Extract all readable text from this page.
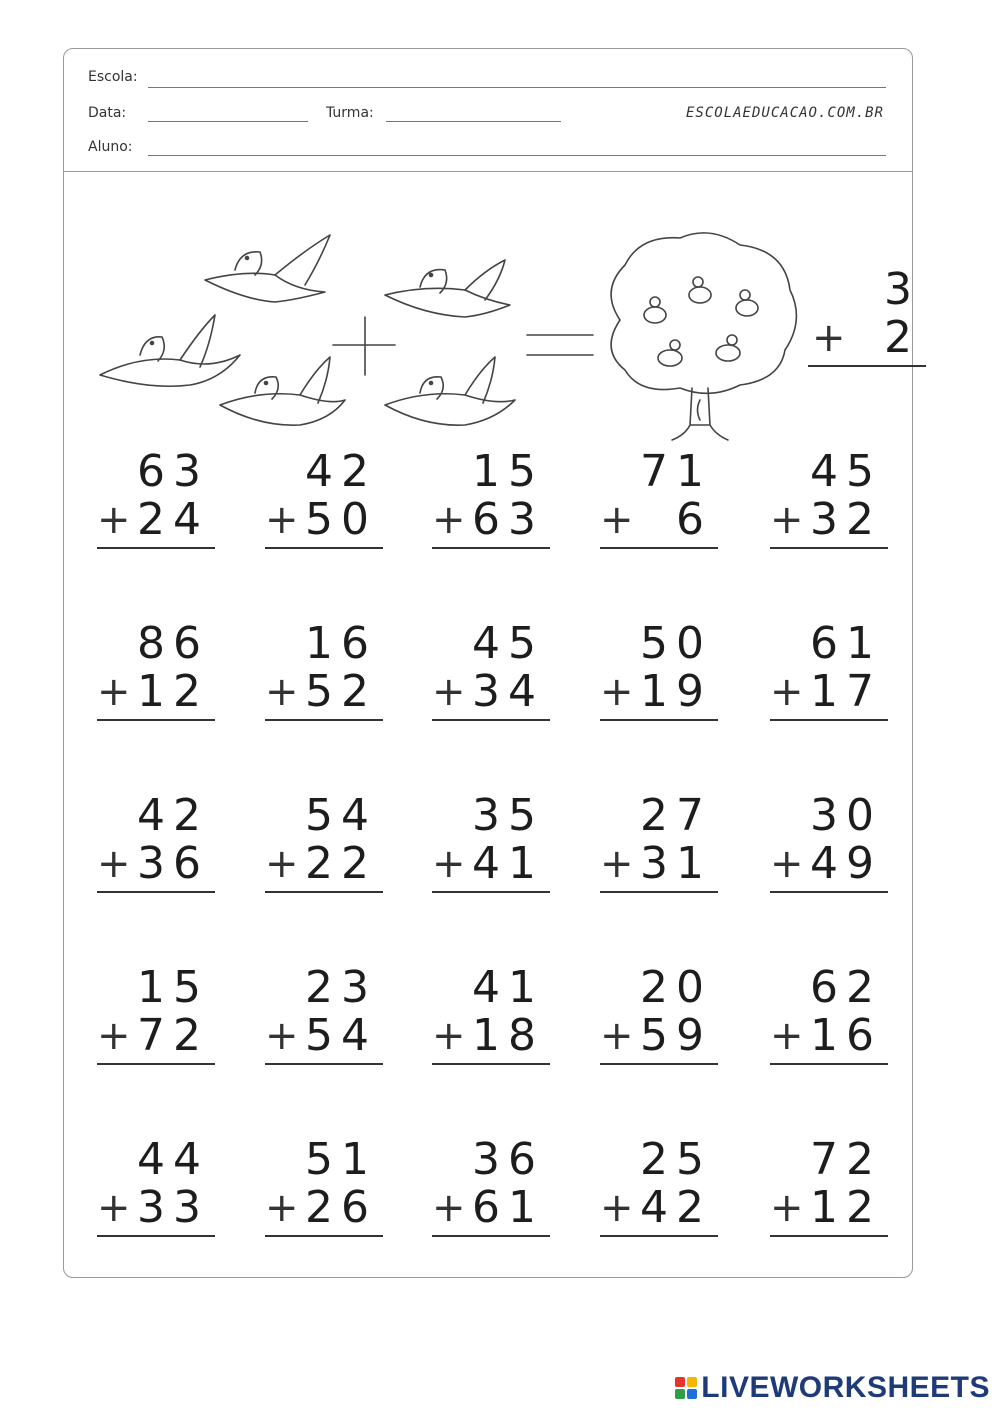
Escola:
Data:	Turma:	ESCOLAEDUCACAO.COM.BR
Aluno:
3
+ 2
63
+ 24
42
+ 50
15
+ 63
71
+ 6
45
+ 32
86
+ 12
16
+ 52
45
+ 34
50
+ 19
61
+ 17
42
+ 36
54
+ 22
35
+ 41
27
+ 31
30
+ 49
15
+ 72
23
+ 54
41
+ 18
20
+ 59
62
+ 16
44
+ 33
51
+ 26
36
+ 61
25
+ 42
72
+ 12
LIVEWORKSHEETS
